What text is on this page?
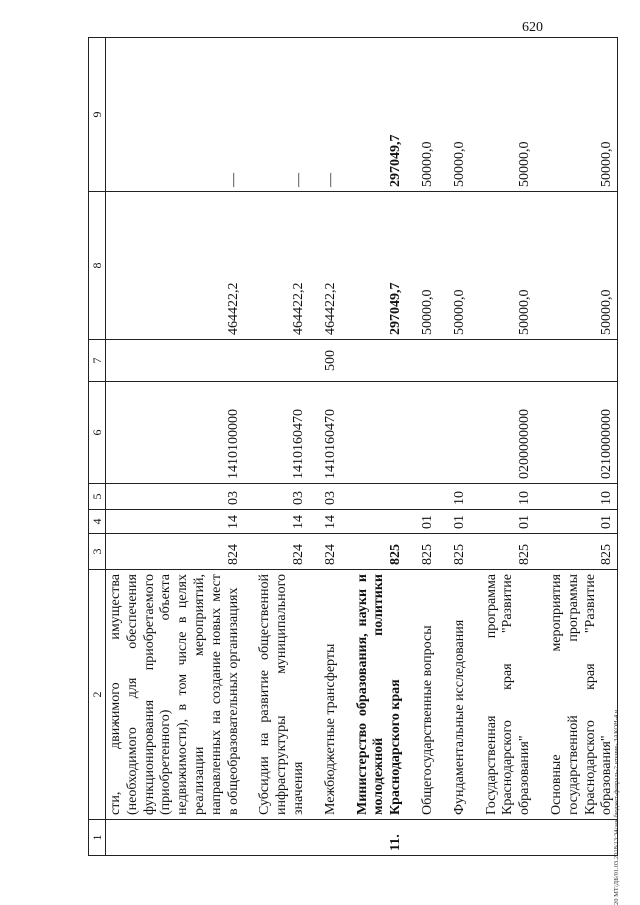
620
20 МТ/ДБ/01.03.2018/13:34/зак бюджет-февраль-2 чтение- ЗАКОН-4 ч.
1	2	3	4	5	6	7	8	9
	сти, движимого имущества (необходимого для обеспечения функционирования приобретаемого (приобретенного) объекта недвижимости), в том числе в целях реализации мероприятий, направленных на создание новых мест в общеобразовательных организациях	824	14	03	1410100000		464422,2	—
	Субсидии на развитие общественной инфраструктуры муниципального значения	824	14	03	1410160470		464422,2	—
	Межбюджетные трансферты	824	14	03	1410160470	500	464422,2	—
11.	Министерство образования, науки и молодежной политики Краснодарского края	825					297049,7	297049,7
	Общегосударственные вопросы	825	01				50000,0	50000,0
	Фундаментальные исследования	825	01	10			50000,0	50000,0
	Государственная программа Краснодарского края "Развитие образования"	825	01	10	0200000000		50000,0	50000,0
	Основные мероприятия государственной программы Краснодарского края "Развитие образования"	825	01	10	0210000000		50000,0	50000,0
